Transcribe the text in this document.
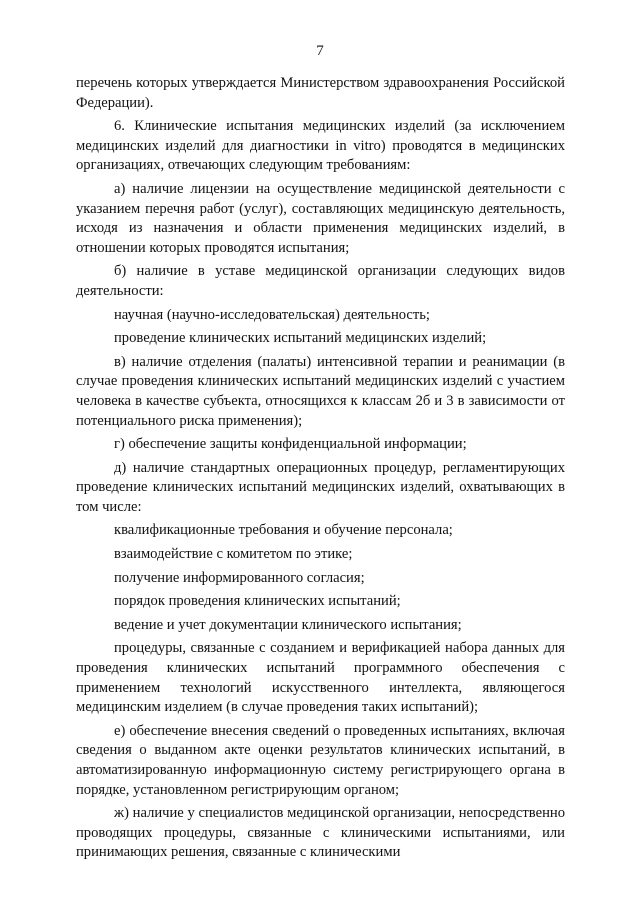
7

перечень которых утверждается Министерством здравоохранения Российской Федерации).

6. Клинические испытания медицинских изделий (за исключением медицинских изделий для диагностики in vitro) проводятся в медицинских организациях, отвечающих следующим требованиям:

а) наличие лицензии на осуществление медицинской деятельности с указанием перечня работ (услуг), составляющих медицинскую деятельность, исходя из назначения и области применения медицинских изделий, в отношении которых проводятся испытания;

б) наличие в уставе медицинской организации следующих видов деятельности:

научная (научно-исследовательская) деятельность;

проведение клинических испытаний медицинских изделий;

в) наличие отделения (палаты) интенсивной терапии и реанимации (в случае проведения клинических испытаний медицинских изделий с участием человека в качестве субъекта, относящихся к классам 2б и 3 в зависимости от потенциального риска применения);

г) обеспечение защиты конфиденциальной информации;

д) наличие стандартных операционных процедур, регламентирующих проведение клинических испытаний медицинских изделий, охватывающих в том числе:

квалификационные требования и обучение персонала;

взаимодействие с комитетом по этике;

получение информированного согласия;

порядок проведения клинических испытаний;

ведение и учет документации клинического испытания;

процедуры, связанные с созданием и верификацией набора данных для проведения клинических испытаний программного обеспечения с применением технологий искусственного интеллекта, являющегося медицинским изделием (в случае проведения таких испытаний);

е) обеспечение внесения сведений о проведенных испытаниях, включая сведения о выданном акте оценки результатов клинических испытаний, в автоматизированную информационную систему регистрирующего органа в порядке, установленном регистрирующим органом;

ж) наличие у специалистов медицинской организации, непосредственно проводящих процедуры, связанные с клиническими испытаниями, или принимающих решения, связанные с клиническими
